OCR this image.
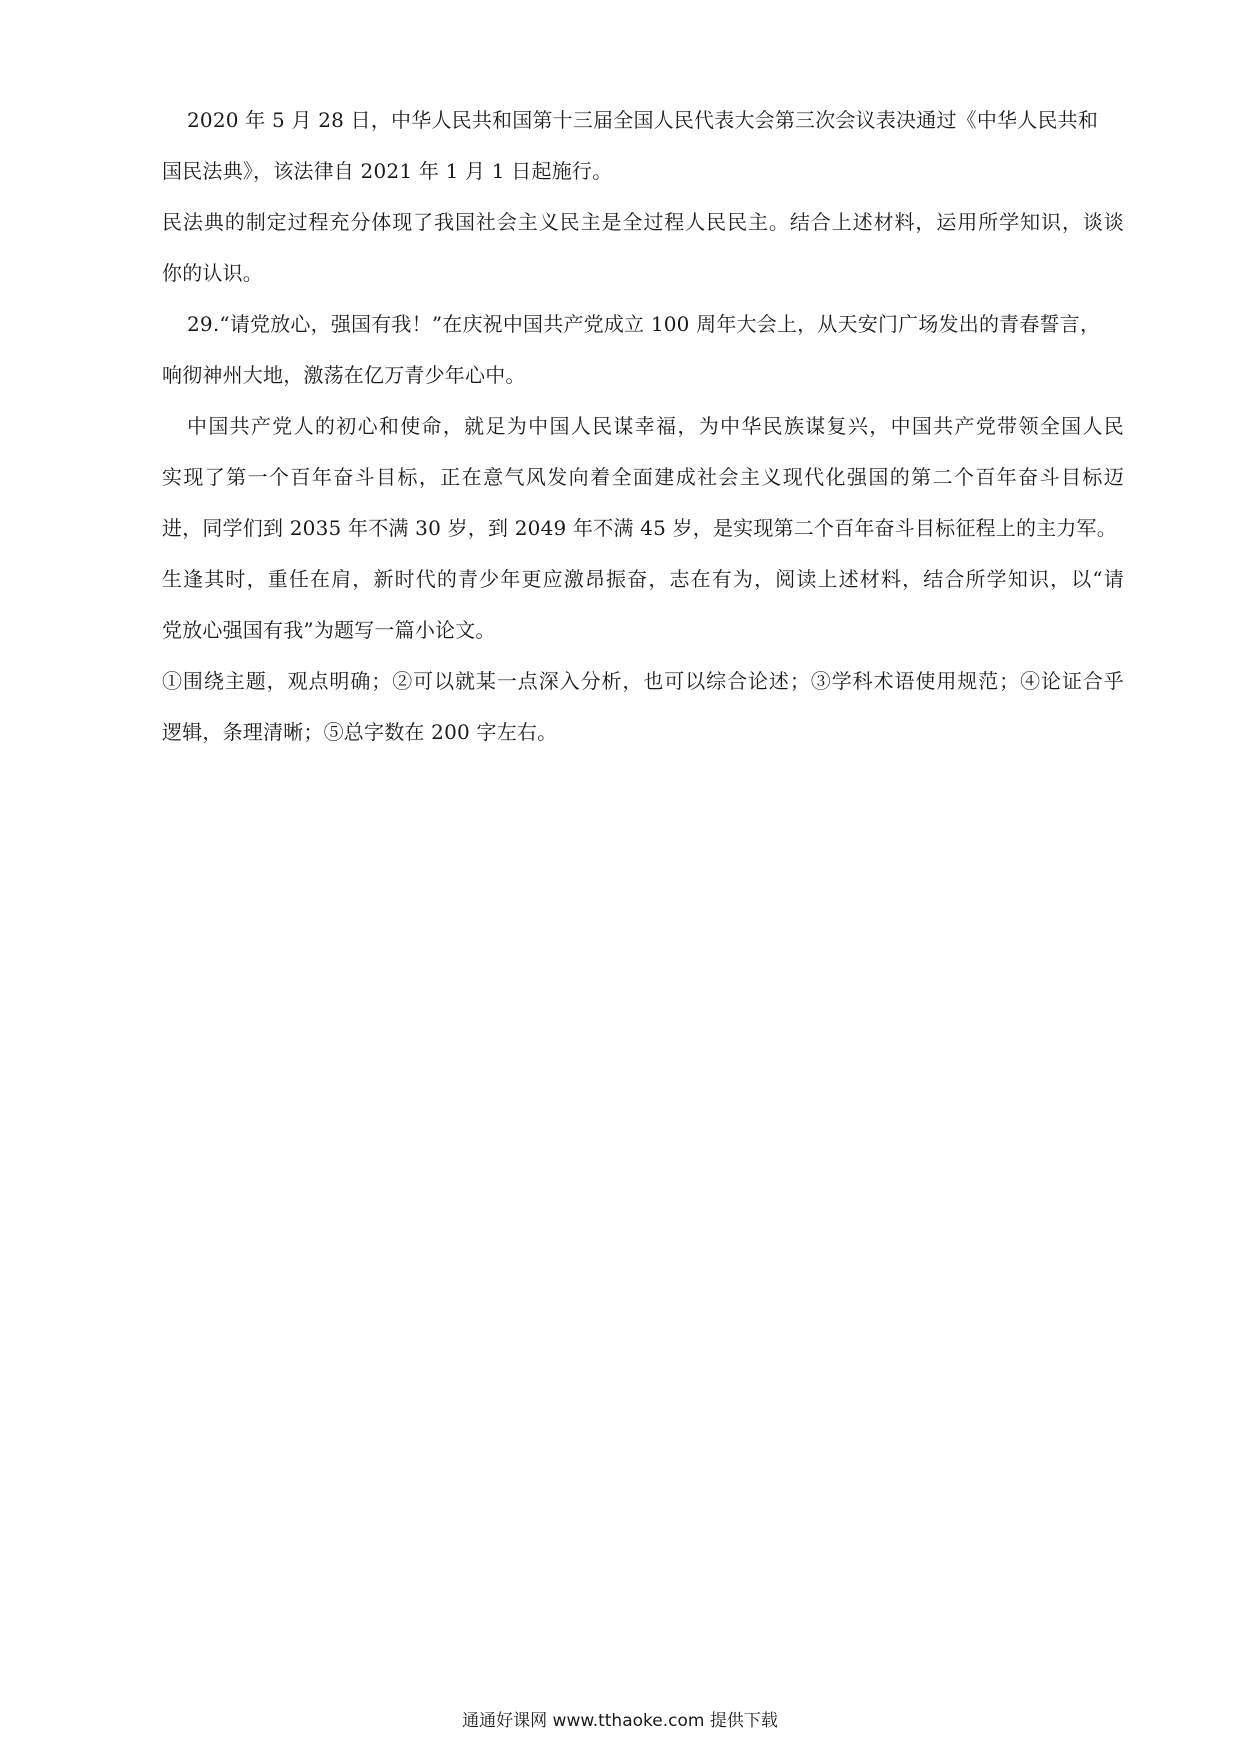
2020 年 5 月 28 日，中华人民共和国第十三届全国人民代表大会第三次会议表决通过《中华人民共和
国民法典》，该法律自 2021 年 1 月 1 日起施行。
民法典的制定过程充分体现了我国社会主义民主是全过程人民民主。结合上述材料，运用所学知识，谈谈
你的认识。
29.“请党放心，强国有我！”在庆祝中国共产党成立 100 周年大会上，从天安门广场发出的青春誓言，
响彻神州大地，激荡在亿万青少年心中。
中国共产党人的初心和使命，就足为中国人民谋幸福，为中华民族谋复兴，中国共产党带领全国人民
实现了第一个百年奋斗目标，正在意气风发向着全面建成社会主义现代化强国的第二个百年奋斗目标迈
进，同学们到 2035 年不满 30 岁，到 2049 年不满 45 岁，是实现第二个百年奋斗目标征程上的主力军。
生逢其时，重任在肩，新时代的青少年更应激昂振奋，志在有为，阅读上述材料，结合所学知识，以“请
党放心强国有我”为题写一篇小论文。
①围绕主题，观点明确；②可以就某一点深入分析，也可以综合论述；③学科术语使用规范；④论证合乎
逻辑，条理清晰；⑤总字数在 200 字左右。
通通好课网 www.tthaoke.com 提供下载
